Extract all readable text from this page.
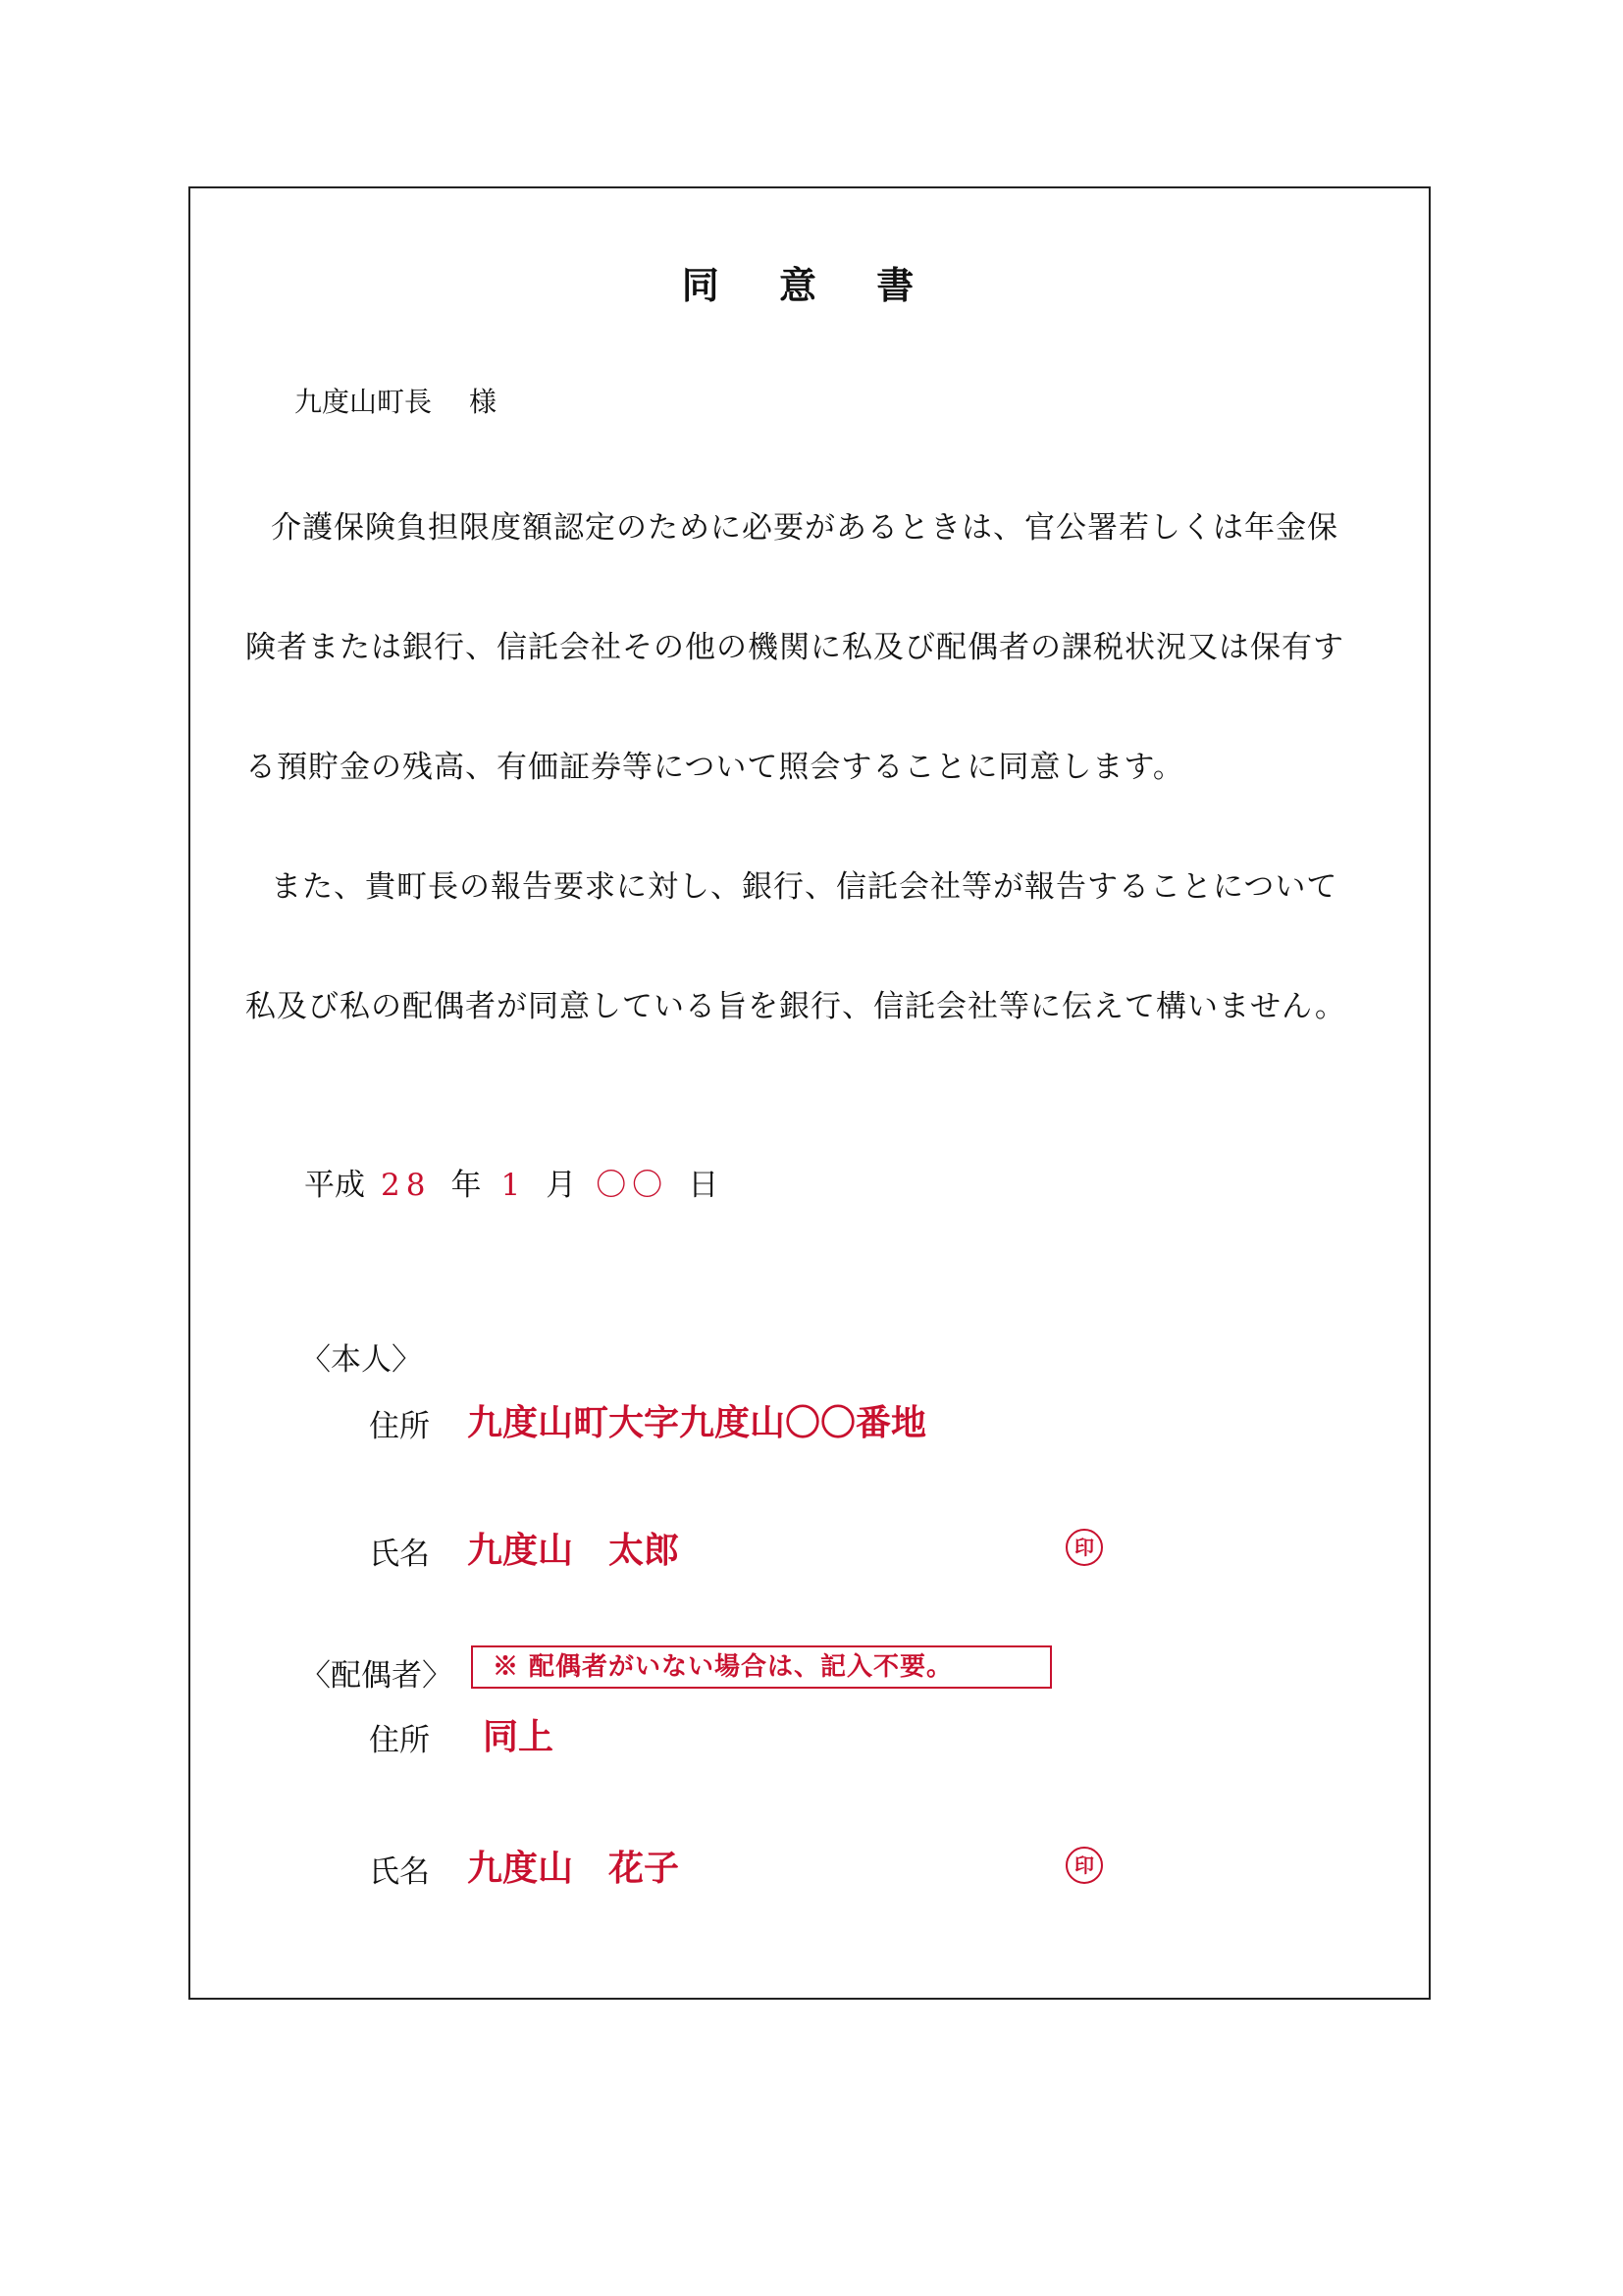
同 意 書
九度山町長 様
介護保険負担限度額認定のために必要があるときは、官公署若しくは年金保
険者または銀行、信託会社その他の機関に私及び配偶者の課税状況又は保有す
る預貯金の残高、有価証券等について照会することに同意します。
また、貴町長の報告要求に対し、銀行、信託会社等が報告することについて
私及び私の配偶者が同意している旨を銀行、信託会社等に伝えて構いません。
平成 28 年 1 月 〇〇 日
〈本人〉
住所 九度山町大字九度山〇〇番地
氏名 九度山　太郎	印
〈配偶者〉	※ 配偶者がいない場合は、記入不要。
住所 同上
氏名 九度山　花子	印
